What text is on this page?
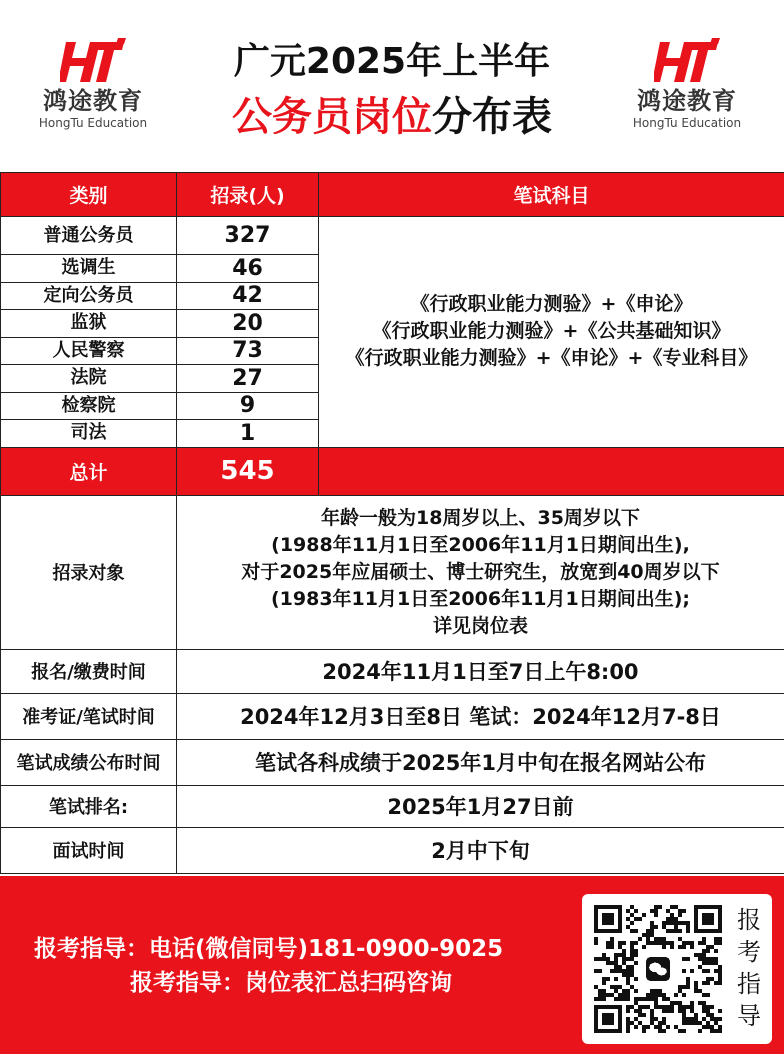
鸿途教育
HongTu Education
广元2025年上半年
公务员岗位分布表	鸿途教育
HongTu Education
类别	招录(人)	笔试科目
普通公务员	327	《行政职业能力测验》+《申论》
《行政职业能力测验》+《公共基础知识》
《行政职业能力测验》+《申论》+《专业科目》

选调生	46	
定向公务员	42	
监狱	20	
人民警察	73	
法院	27	
检察院	9	
司法	1	
总计	545	
招录对象	年龄一般为18周岁以上、35周岁以下
(1988年11月1日至2006年11月1日期间出生),
对于2025年应届硕士、博士研究生，放宽到40周岁以下
(1983年11月1日至2006年11月1日期间出生);
详见岗位表	

报名/缴费时间	2024年11月1日至7日上午8:00	
准考证/笔试时间	2024年12月3日至8日 笔试：2024年12月7-8日	
笔试成绩公布时间	笔试各科成绩于2025年1月中旬在报名网站公布	
笔试排名:	2025年1月27日前	
面试时间	2月中下旬	
报考指导：电话(微信同号)181-0900-9025
报考指导：岗位表汇总扫码咨询
报
考
指
导
